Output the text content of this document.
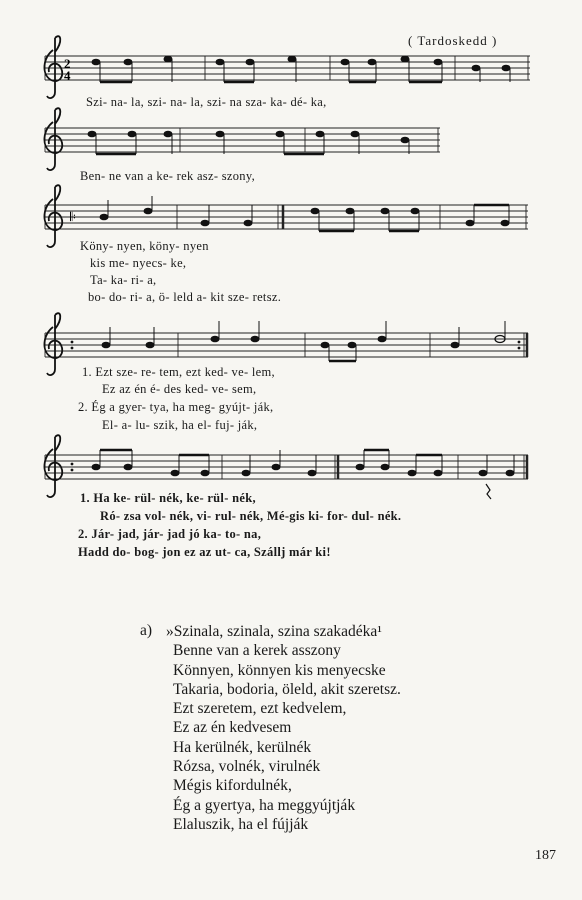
2
4
𝄆
( Tardoskedd )
Szi- na- la, szi- na- la, szi- na sza- ka- dé- ka,
Ben- ne van a ke- rek asz- szony,
Köny- nyen, köny- nyen
kis me- nyecs- ke,
Ta- ka- ri- a,
bo- do- ri- a, ö- leld a- kit sze- retsz.
1. Ezt sze- re- tem, ezt ked- ve- lem,
Ez az én é- des ked- ve- sem,
2. Ég a gyer- tya, ha meg- gyújt- ják,
El- a- lu- szik, ha el- fuj- ják,
1. Ha ke- rül- nék, ke- rül- nék,
Ró- zsa vol- nék, vi- rul- nék, Mé-gis ki- for- dul- nék.
2. Jár- jad, jár- jad jó ka- to- na,
Hadd do- bog- jon ez az ut- ca, Szállj már ki!
a) »Szinala, szinala, szina szakadéka¹
Benne van a kerek asszony
Könnyen, könnyen kis menyecske
Takaria, bodoria, öleld, akit szeretsz.
Ezt szeretem, ezt kedvelem,
Ez az én kedvesem
Ha kerülnék, kerülnék
Rózsa, volnék, virulnék
Mégis kifordulnék,
Ég a gyertya, ha meggyújtják
Elaluszik, ha el fújják
187
